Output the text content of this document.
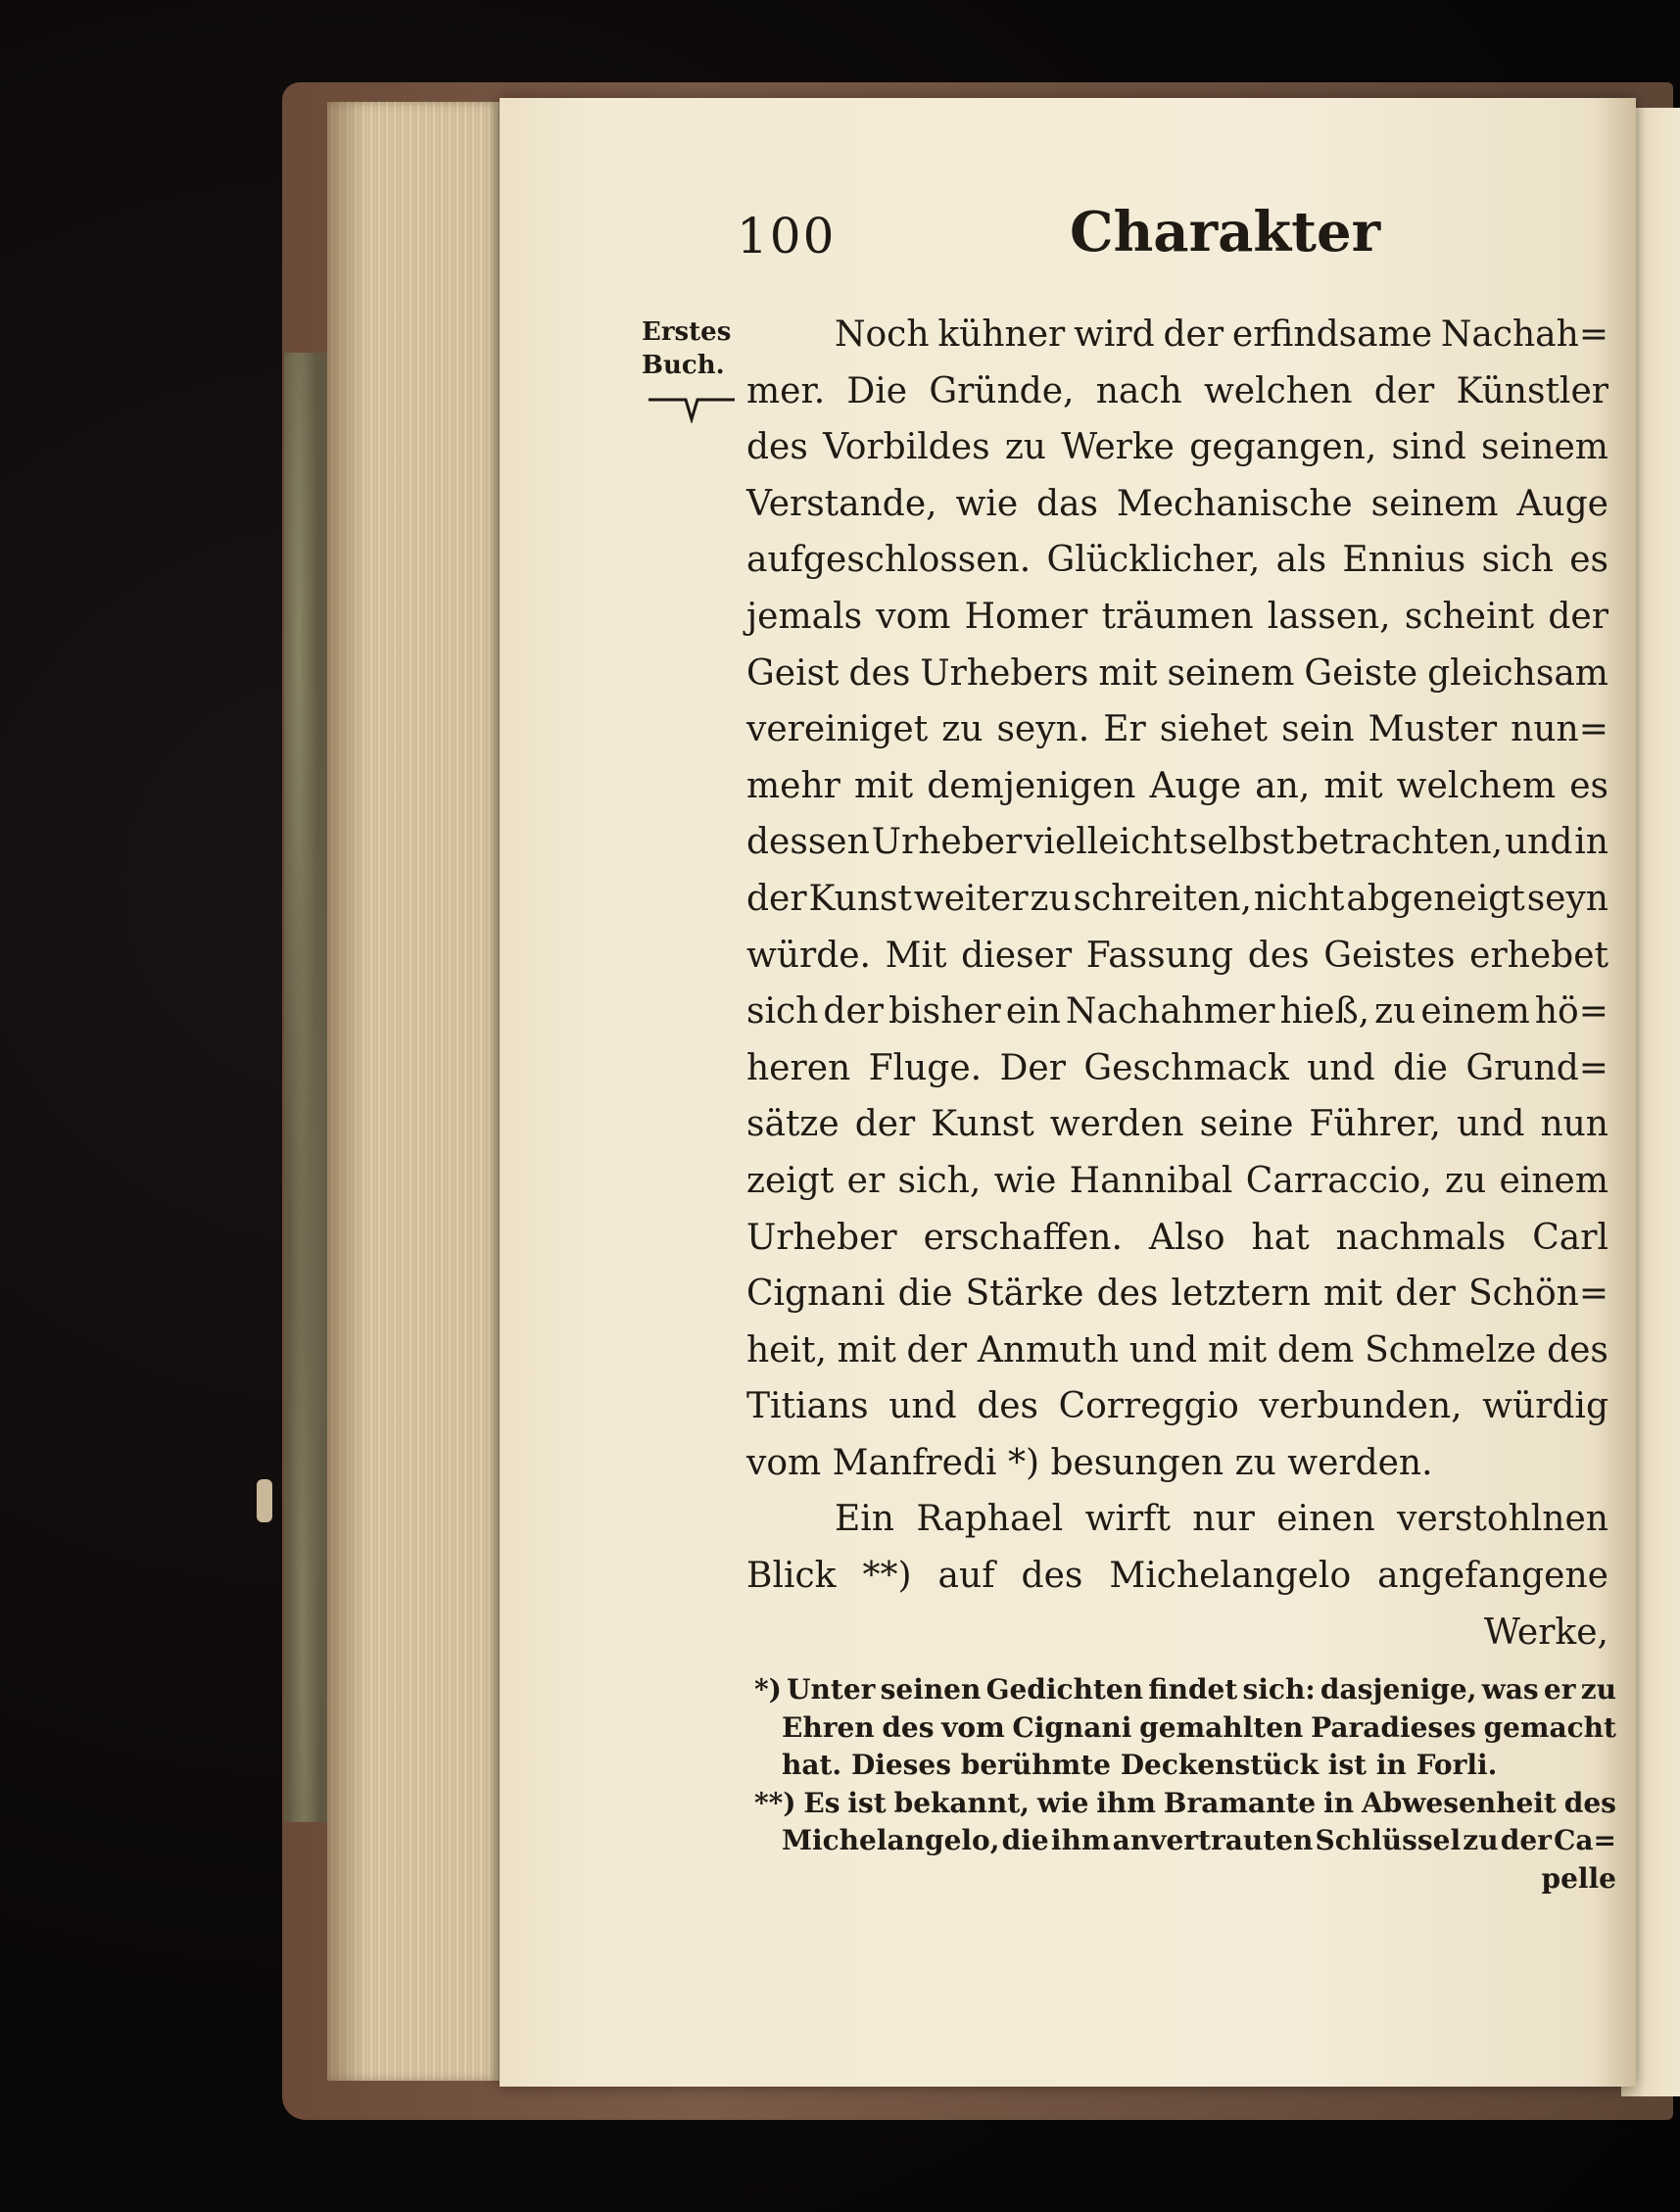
100	Charakter
Erstes
Buch.
Noch kühner wird der erfindsame Nachah=
mer. Die Gründe, nach welchen der Künstler
des Vorbildes zu Werke gegangen, sind seinem
Verstande, wie das Mechanische seinem Auge
aufgeschlossen. Glücklicher, als Ennius sich es
jemals vom Homer träumen lassen, scheint der
Geist des Urhebers mit seinem Geiste gleichsam
vereiniget zu seyn. Er siehet sein Muster nun=
mehr mit demjenigen Auge an, mit welchem es
dessen Urheber vielleicht selbst betrachten, und in
der Kunst weiter zu schreiten, nicht abgeneigt seyn
würde. Mit dieser Fassung des Geistes erhebet
sich der bisher ein Nachahmer hieß, zu einem hö=
heren Fluge. Der Geschmack und die Grund=
sätze der Kunst werden seine Führer, und nun
zeigt er sich, wie Hannibal Carraccio, zu einem
Urheber erschaffen. Also hat nachmals Carl
Cignani die Stärke des letztern mit der Schön=
heit, mit der Anmuth und mit dem Schmelze des
Titians und des Correggio verbunden, würdig
vom Manfredi *) besungen zu werden.
Ein Raphael wirft nur einen verstohlnen
Blick **) auf des Michelangelo angefangene
Werke,
*) Unter seinen Gedichten findet sich: dasjenige, was er zu
Ehren des vom Cignani gemahlten Paradieses gemacht
hat. Dieses berühmte Deckenstück ist in Forli.
**) Es ist bekannt, wie ihm Bramante in Abwesenheit des
Michelangelo, die ihm anvertrauten Schlüssel zu der Ca=
pelle
